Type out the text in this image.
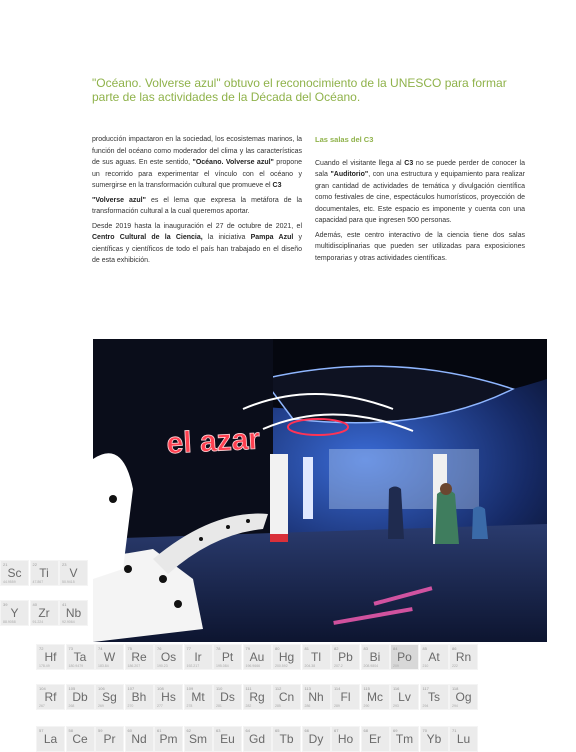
"Océano. Volverse azul" obtuvo el reconocimiento de la UNESCO para formar parte de las actividades de la Década del Océano.

producción impactaron en la sociedad, los ecosistemas marinos, la función del océano como moderador del clima y las características de sus aguas. En este sentido, "Océano. Volverse azul" propone un recorrido para experimentar el vínculo con el océano y sumergirse en la transformación cultural que promueve el C3

"Volverse azul" es el lema que expresa la metáfora de la transformación cultural a la cual queremos aportar.

Desde 2019 hasta la inauguración el 27 de octubre de 2021, el Centro Cultural de la Ciencia, la iniciativa Pampa Azul y científicas y científicos de todo el país han trabajado en el diseño de esta exhibición.

Las salas del C3

Cuando el visitante llega al C3 no se puede perder de conocer la sala "Auditorio", con una estructura y equipamiento para realizar gran cantidad de actividades de temática y divulgación científica como festivales de cine, espectáculos humorísticos, proyección de documentales, etc. Este espacio es imponente y cuenta con una capacidad para que ingresen 500 personas.

Además, este centro interactivo de la ciencia tiene dos salas multidisciplinarias que pueden ser utilizadas para exposiciones temporarias y otras actividades científicas.

el azar
21
Sc
44.9559
22
Ti
47.867
23
V
50.9415
39
Y
88.9058
40
Zr
91.224
41
Nb
92.9064
72
Hf
178.49
73
Ta
180.9479
74
W
183.84
75
Re
186.207
76
Os
190.23
77
Ir
192.217
78
Pt
195.084
79
Au
196.9666
80
Hg
200.592
81
Tl
204.38
82
Pb
207.2
83
Bi
208.9804
84
Po
209
85
At
210
86
Rn
222
104
Rf
267
105
Db
268
106
Sg
269
107
Bh
270
108
Hs
277
109
Mt
278
110
Ds
281
111
Rg
282
112
Cn
285
113
Nh
286
114
Fl
289
115
Mc
290
116
Lv
293
117
Ts
294
118
Og
294
57
La
58
Ce
59
Pr
60
Nd
61
Pm
62
Sm
63
Eu
64
Gd
65
Tb
66
Dy
67
Ho
68
Er
69
Tm
70
Yb
71
Lu
